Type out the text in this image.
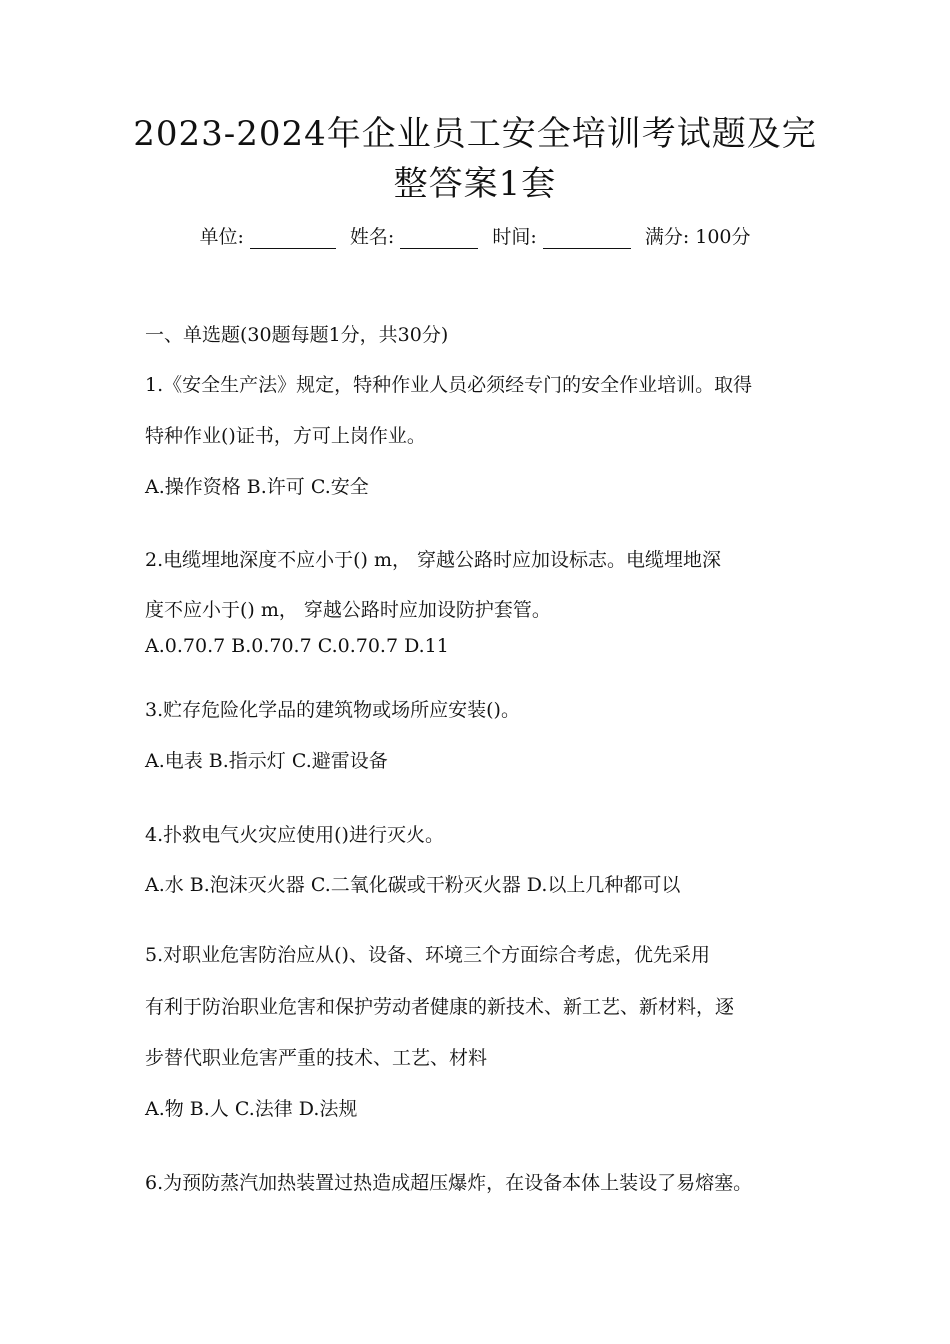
2023-2024年企业员工安全培训考试题及完
整答案1套
单位:	姓名:	时间:	满分: 100分
一、单选题(30题每题1分，共30分)
1.《安全生产法》规定，特种作业人员必须经专门的安全作业培训。取得
特种作业()证书，方可上岗作业。
A.操作资格 B.许可 C.安全
2.电缆埋地深度不应小于() m， 穿越公路时应加设标志。电缆埋地深
度不应小于() m， 穿越公路时应加设防护套管。
A.0.70.7 B.0.70.7 C.0.70.7 D.11
3.贮存危险化学品的建筑物或场所应安装()。
A.电表 B.指示灯 C.避雷设备
4.扑救电气火灾应使用()进行灭火。
A.水 B.泡沫灭火器 C.二氧化碳或干粉灭火器 D.以上几种都可以
5.对职业危害防治应从()、设备、环境三个方面综合考虑，优先采用
有利于防治职业危害和保护劳动者健康的新技术、新工艺、新材料，逐
步替代职业危害严重的技术、工艺、材料
A.物 B.人 C.法律 D.法规
6.为预防蒸汽加热装置过热造成超压爆炸，在设备本体上装设了易熔塞。
